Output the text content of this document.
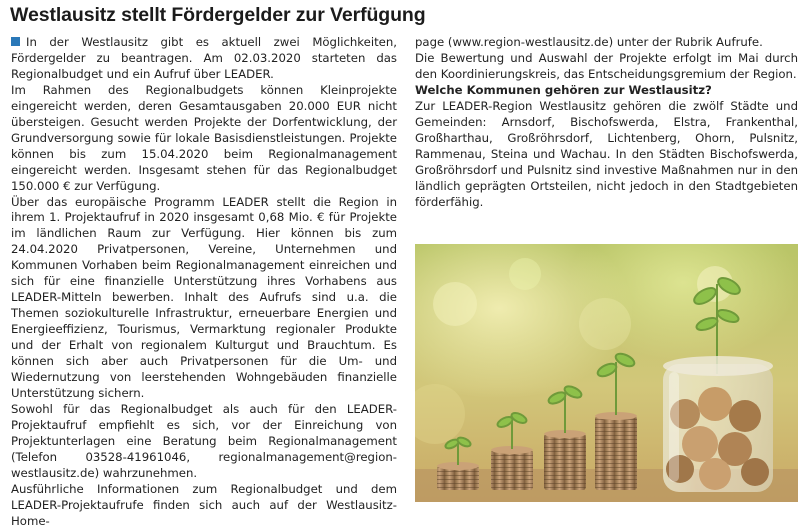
Westlausitz stellt Fördergelder zur Verfügung

In der Westlausitz gibt es aktuell zwei Möglichkeiten, Fördergelder zu beantragen. Am 02.03.2020 starteten das Regionalbudget und ein Aufruf über LEADER.

Im Rahmen des Regionalbudgets können Kleinprojekte eingereicht werden, deren Gesamtausgaben 20.000 EUR nicht übersteigen. Gesucht werden Projekte der Dorfentwicklung, der Grundversorgung sowie für lokale Basisdienstleistungen. Projekte können bis zum 15.04.2020 beim Regionalmanagement eingereicht werden. Insgesamt stehen für das Regionalbudget 150.000 € zur Verfügung.

Über das europäische Programm LEADER stellt die Region in ihrem 1. Projektaufruf in 2020 insgesamt 0,68 Mio. € für Projekte im ländlichen Raum zur Verfügung. Hier können bis zum 24.04.2020 Privatpersonen, Vereine, Unternehmen und Kommunen Vorhaben beim Regionalmanagement einreichen und sich für eine finanzielle Unterstützung ihres Vorhabens aus LEADER-Mitteln bewerben. Inhalt des Aufrufs sind u.a. die Themen soziokulturelle Infrastruktur, erneuerbare Energien und Energieeffizienz, Tourismus, Vermarktung regionaler Produkte und der Erhalt von regionalem Kulturgut und Brauchtum. Es können sich aber auch Privatpersonen für die Um- und Wiedernutzung von leerstehenden Wohngebäuden finanzielle Unterstützung sichern.

Sowohl für das Regionalbudget als auch für den LEADER-Projektaufruf empfiehlt es sich, vor der Einreichung von Projektunterlagen eine Beratung beim Regionalmanagement (Telefon 03528-41961046, regionalmanagement@region-westlausitz.de) wahrzunehmen.

Ausführliche Informationen zum Regionalbudget und dem LEADER-Projektaufrufe finden sich auch auf der Westlausitz-Home-

page (www.region-westlausitz.de) unter der Rubrik Aufrufe.

Die Bewertung und Auswahl der Projekte erfolgt im Mai durch den Koordinierungskreis, das Entscheidungsgremium der Region.

Welche Kommunen gehören zur Westlausitz?

Zur LEADER-Region Westlausitz gehören die zwölf Städte und Gemeinden: Arnsdorf, Bischofswerda, Elstra, Frankenthal, Großharthau, Großröhrsdorf, Lichtenberg, Ohorn, Pulsnitz, Rammenau, Steina und Wachau. In den Städten Bischofswerda, Großröhrsdorf und Pulsnitz sind investive Maßnahmen nur in den ländlich geprägten Ortsteilen, nicht jedoch in den Stadtgebieten förderfähig.
